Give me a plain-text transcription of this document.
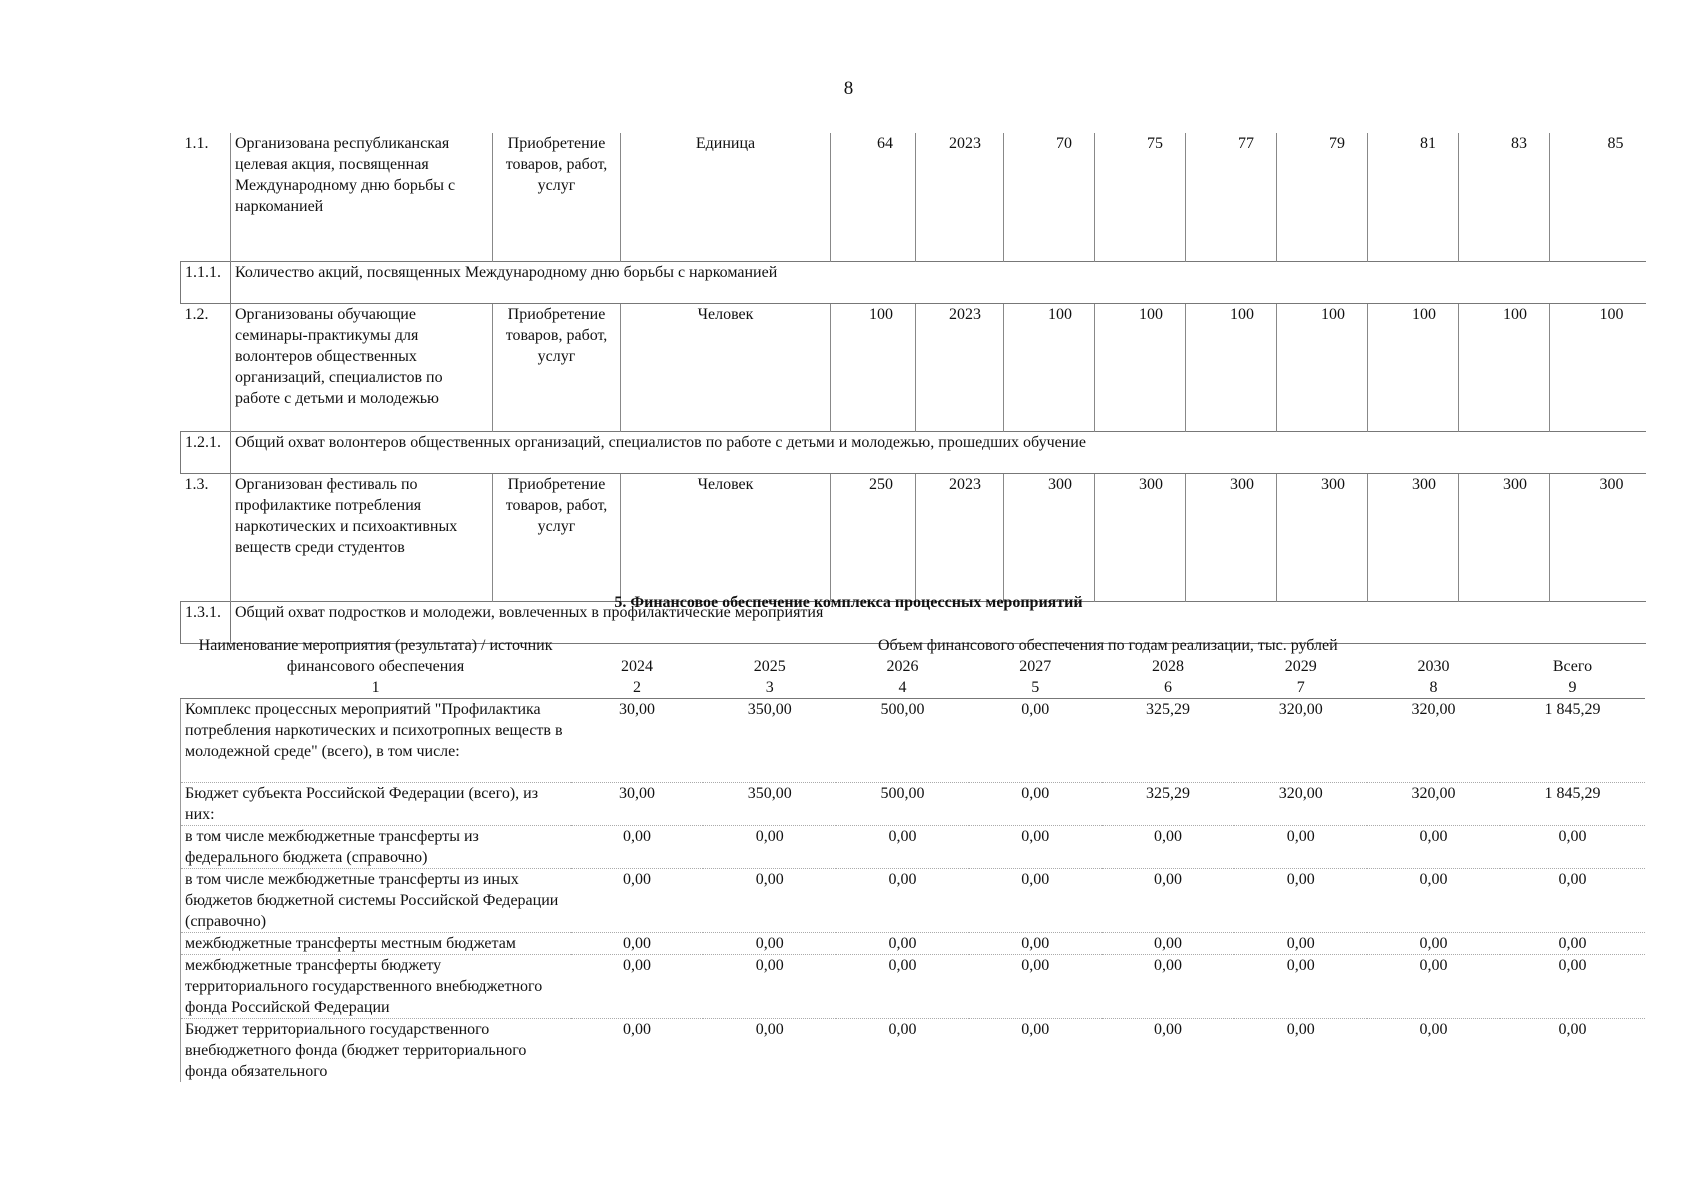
8
1.1.	Организована республиканская целевая акция, посвященная Международному дню борьбы с наркоманией	Приобретение товаров, работ, услуг	Единица	64	2023	70	75	77	79	81	83	85
1.1.1.	Количество акций, посвященных Международному дню борьбы с наркоманией											
1.2.	Организованы обучающие семинары-практикумы для волонтеров общественных организаций, специалистов по работе с детьми и молодежью	Приобретение товаров, работ, услуг	Человек	100	2023	100	100	100	100	100	100	100
1.2.1.	Общий охват волонтеров общественных организаций, специалистов по работе с детьми и молодежью, прошедших обучение											
1.3.	Организован фестиваль по профилактике потребления наркотических и психоактивных веществ среди студентов	Приобретение товаров, работ, услуг	Человек	250	2023	300	300	300	300	300	300	300
1.3.1.	Общий охват подростков и молодежи, вовлеченных в профилактические мероприятия											
5. Финансовое обеспечение комплекса процессных мероприятий
Наименование мероприятия (результата) / источник финансового обеспечения	Объем финансового обеспечения по годам реализации, тыс. рублей							
	2024	2025	2026	2027	2028	2029	2030	Всего
1	2	3	4	5	6	7	8	9
Комплекс процессных мероприятий "Профилактика потребления наркотических и психотропных веществ в молодежной среде" (всего), в том числе:	30,00	350,00	500,00	0,00	325,29	320,00	320,00	1 845,29
Бюджет субъекта Российской Федерации (всего), из них:	30,00	350,00	500,00	0,00	325,29	320,00	320,00	1 845,29
в том числе межбюджетные трансферты из федерального бюджета (справочно)	0,00	0,00	0,00	0,00	0,00	0,00	0,00	0,00
в том числе межбюджетные трансферты из иных бюджетов бюджетной системы Российской Федерации (справочно)	0,00	0,00	0,00	0,00	0,00	0,00	0,00	0,00
межбюджетные трансферты местным бюджетам	0,00	0,00	0,00	0,00	0,00	0,00	0,00	0,00
межбюджетные трансферты бюджету территориального государственного внебюджетного фонда Российской Федерации	0,00	0,00	0,00	0,00	0,00	0,00	0,00	0,00
Бюджет территориального государственного внебюджетного фонда (бюджет территориального фонда обязательного	0,00	0,00	0,00	0,00	0,00	0,00	0,00	0,00
